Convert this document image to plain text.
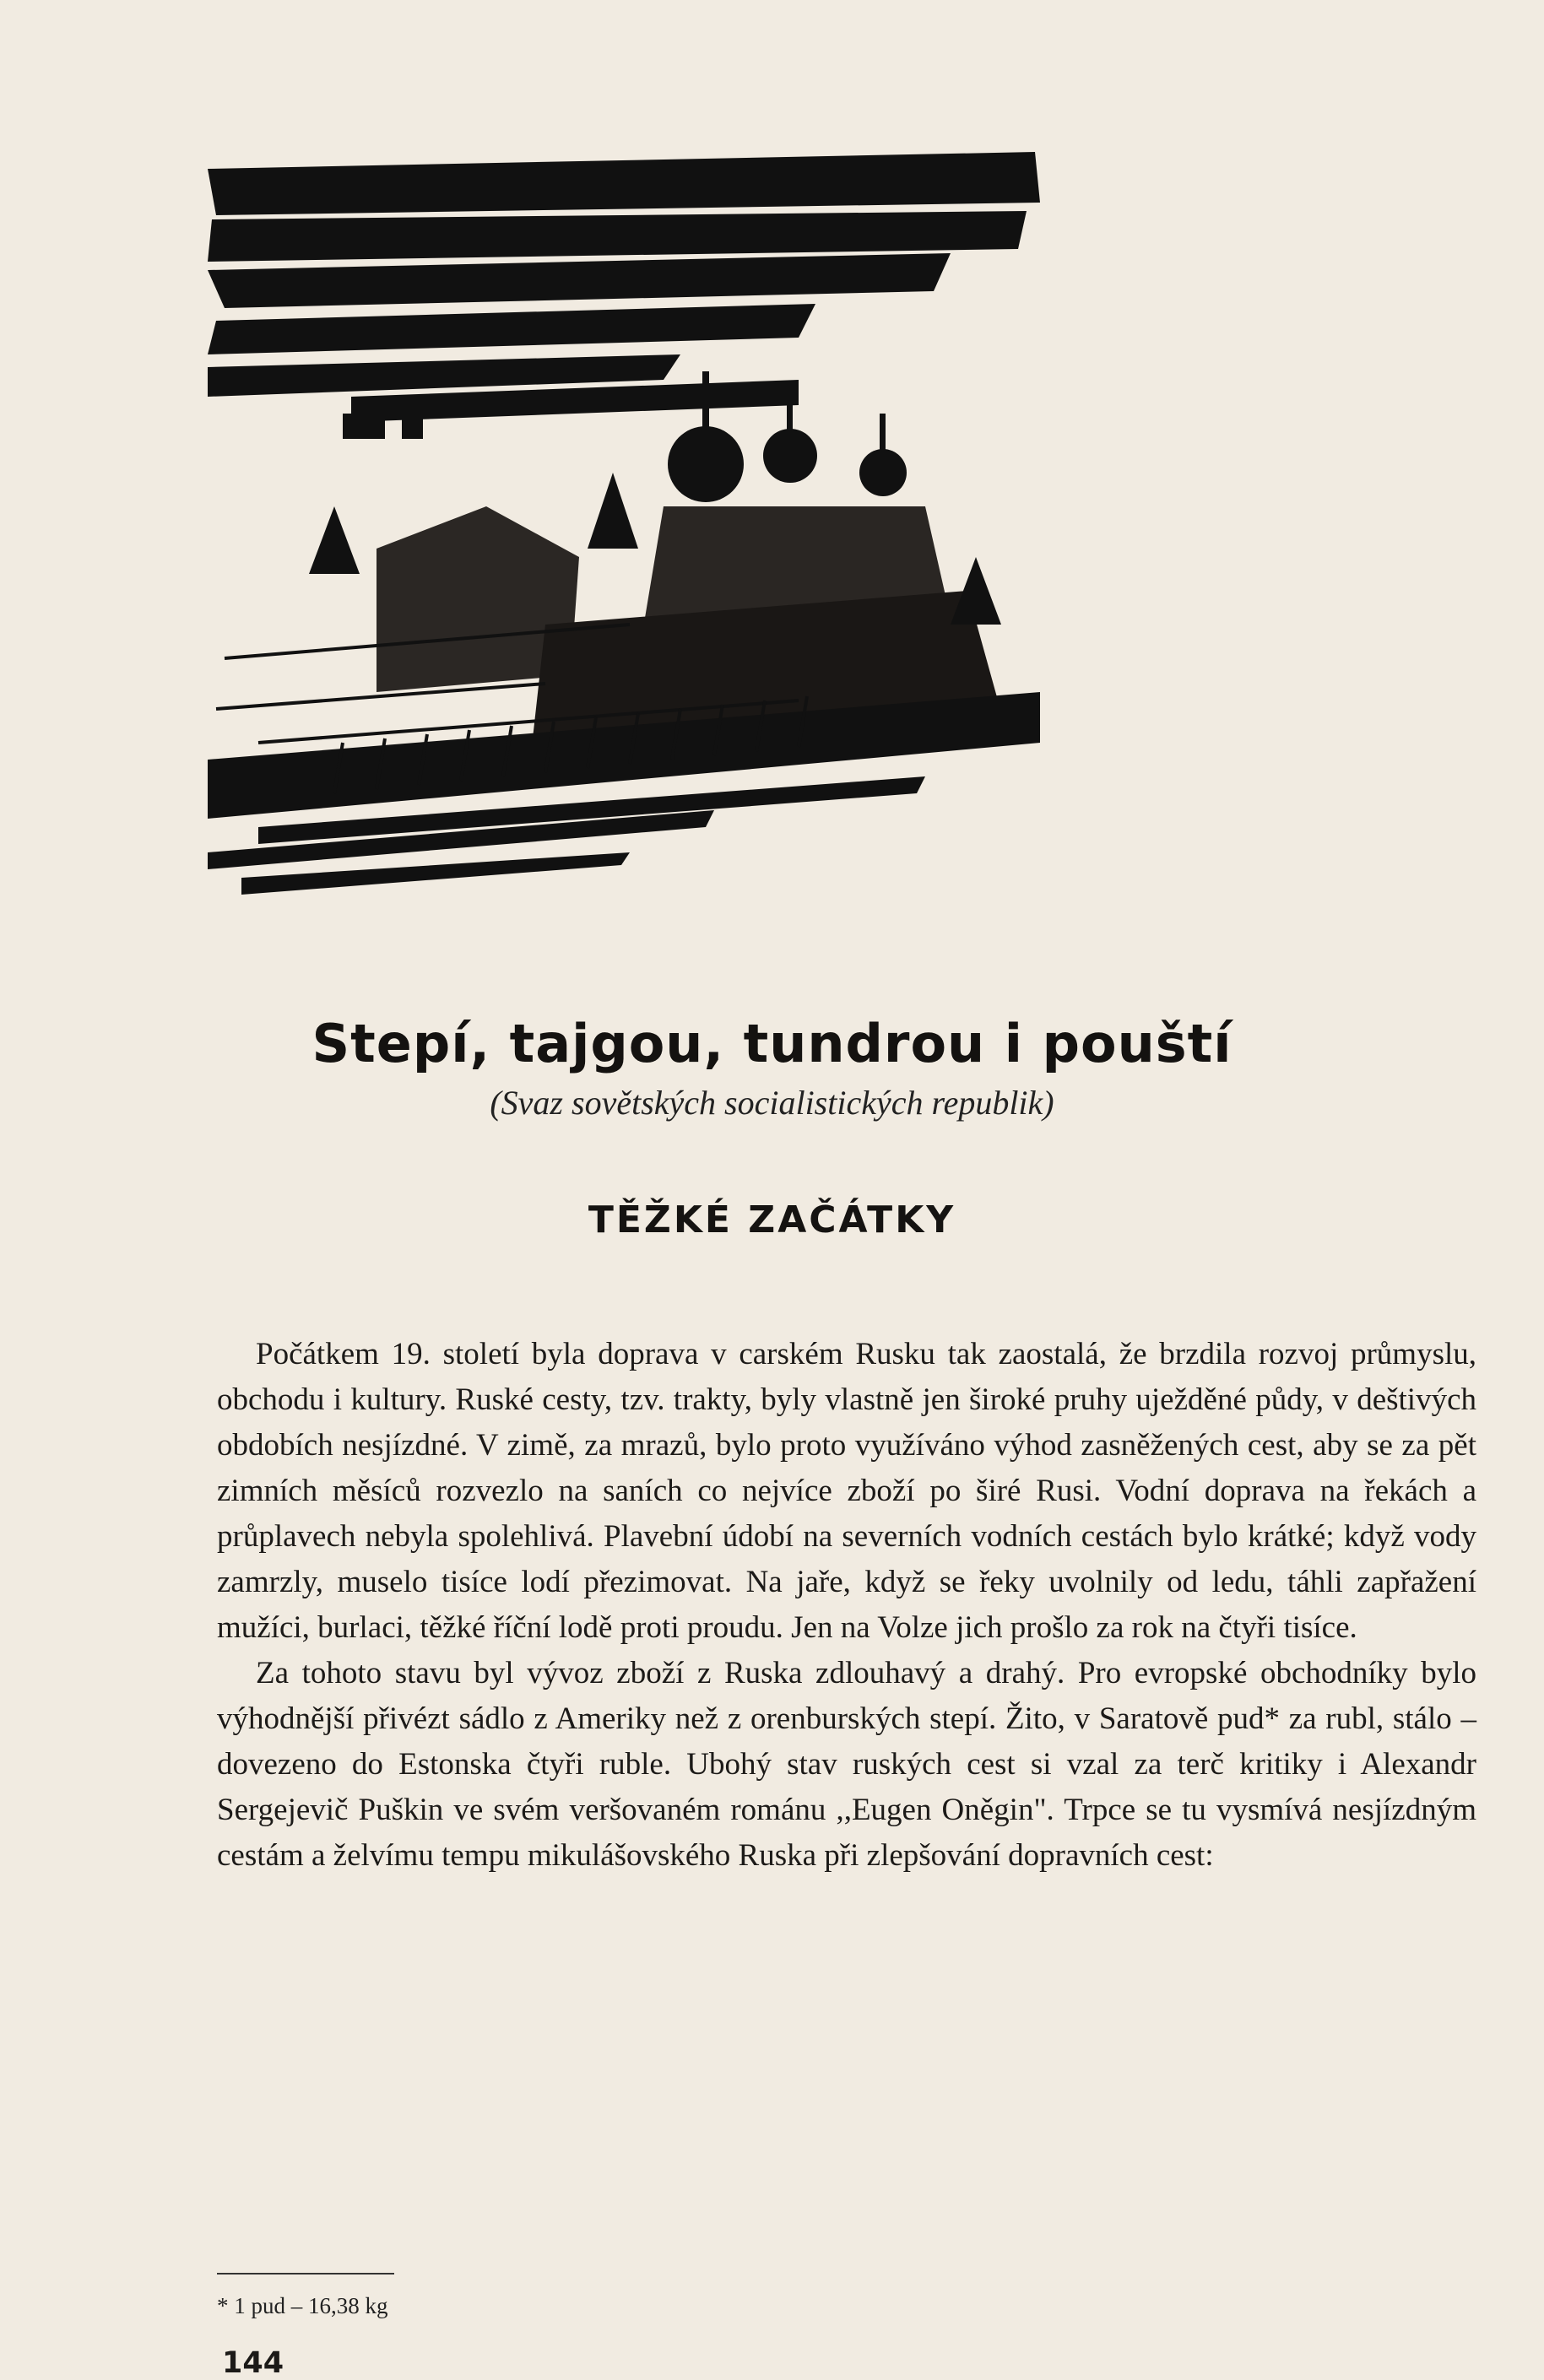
Stepí, tajgou, tundrou i pouští
(Svaz sovětských socialistických republik)
TĚŽKÉ ZAČÁTKY

Počátkem 19. století byla doprava v carském Rusku tak zaostalá, že brzdila rozvoj průmyslu, obchodu i kultury. Ruské cesty, tzv. trakty, byly vlastně jen široké pruhy uježděné půdy, v deštivých obdobích nesjízdné. V zimě, za mrazů, bylo proto využíváno výhod zasněžených cest, aby se za pět zimních měsíců rozvezlo na saních co nejvíce zboží po širé Rusi. Vodní doprava na řekách a průplavech nebyla spolehlivá. Plavební údobí na severních vodních cestách bylo krátké; když vody zamrzly, muselo tisíce lodí přezimovat. Na jaře, když se řeky uvolnily od ledu, táhli zapřažení mužíci, burlaci, těžké říční lodě proti proudu. Jen na Volze jich prošlo za rok na čtyři tisíce.

Za tohoto stavu byl vývoz zboží z Ruska zdlouhavý a drahý. Pro evropské obchodníky bylo výhodnější přivézt sádlo z Ameriky než z orenburských stepí. Žito, v Saratově pud* za rubl, stálo – dovezeno do Estonska čtyři ruble. Ubohý stav ruských cest si vzal za terč kritiky i Alexandr Sergejevič Puškin ve svém veršovaném románu ,,Eugen Oněgin". Trpce se tu vysmívá nesjízdným cestám a želvímu tempu mikulášovského Ruska při zlepšování dopravních cest:

* 1 pud – 16,38 kg
144
